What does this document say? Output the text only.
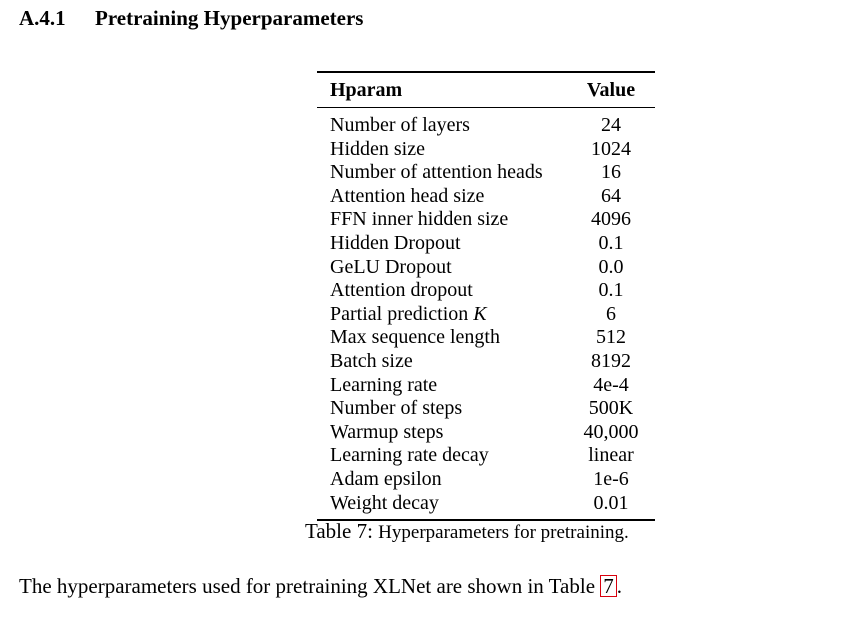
A.4.1 Pretraining Hyperparameters
Hparam	Value
Number of layers	24
Hidden size	1024
Number of attention heads	16
Attention head size	64
FFN inner hidden size	4096
Hidden Dropout	0.1
GeLU Dropout	0.0
Attention dropout	0.1
Partial prediction K	6
Max sequence length	512
Batch size	8192
Learning rate	4e-4
Number of steps	500K
Warmup steps	40,000
Learning rate decay	linear
Adam epsilon	1e-6
Weight decay	0.01
Table 7: Hyperparameters for pretraining.
The hyperparameters used for pretraining XLNet are shown in Table 7 .
